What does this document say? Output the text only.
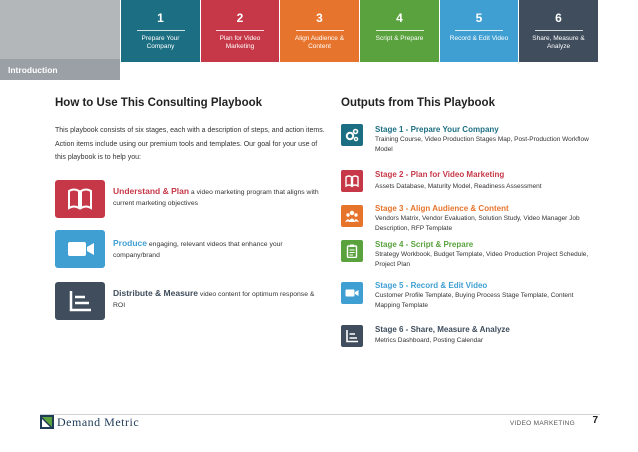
Introduction
1
Prepare Your Company
2
Plan for Video Marketing
3
Align Audience & Content
4
Script & Prepare
5
Record & Edit Video
6
Share, Measure & Analyze
How to Use This Consulting Playbook

This playbook consists of six stages, each with a description of steps, and action items. Action items include using our premium tools and templates. Our goal for your use of this playbook is to help you:

Understand & Plan a video marketing program that aligns with current marketing objectives
Produce engaging, relevant videos that enhance your company/brand
Distribute & Measure video content for optimum response & ROI
Outputs from This Playbook
Stage 1 - Prepare Your Company
Training Course, Video Production Stages Map, Post-Production Workflow Model
Stage 2 - Plan for Video Marketing
Assets Database, Maturity Model, Readiness Assessment
Stage 3 - Align Audience & Content
Vendors Matrix, Vendor Evaluation, Solution Study, Video Manager Job Description, RFP Template
Stage 4 - Script & Prepare
Strategy Workbook, Budget Template, Video Production Project Schedule, Project Plan
Stage 5 - Record & Edit Video
Customer Profile Template, Buying Process Stage Template, Content Mapping Template
Stage 6 - Share, Measure & Analyze
Metrics Dashboard, Posting Calendar
Demand Metric	VIDEO MARKETING 7
